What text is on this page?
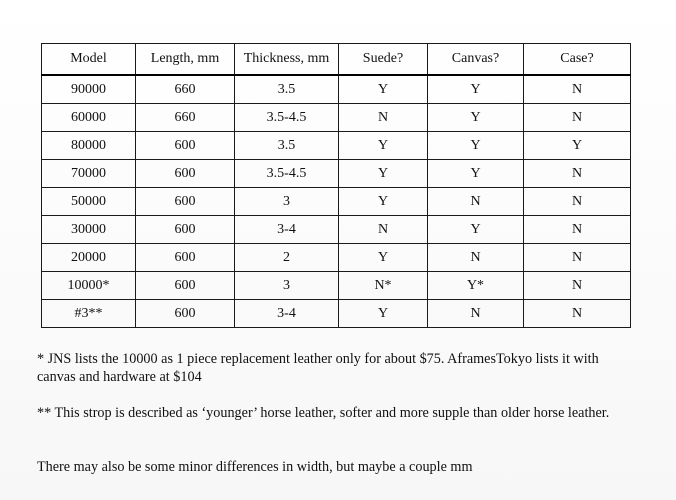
Model	Length, mm	Thickness, mm	Suede?	Canvas?	Case?
90000	660	3.5	Y	Y	N
60000	660	3.5-4.5	N	Y	N
80000	600	3.5	Y	Y	Y
70000	600	3.5-4.5	Y	Y	N
50000	600	3	Y	N	N
30000	600	3-4	N	Y	N
20000	600	2	Y	N	N
10000*	600	3	N*	Y*	N
#3**	600	3-4	Y	N	N

* JNS lists the 10000 as 1 piece replacement leather only for about $75. AframesTokyo lists it with canvas and hardware at $104

** This strop is described as ‘younger’ horse leather, softer and more supple than older horse leather.

There may also be some minor differences in width, but maybe a couple mm
